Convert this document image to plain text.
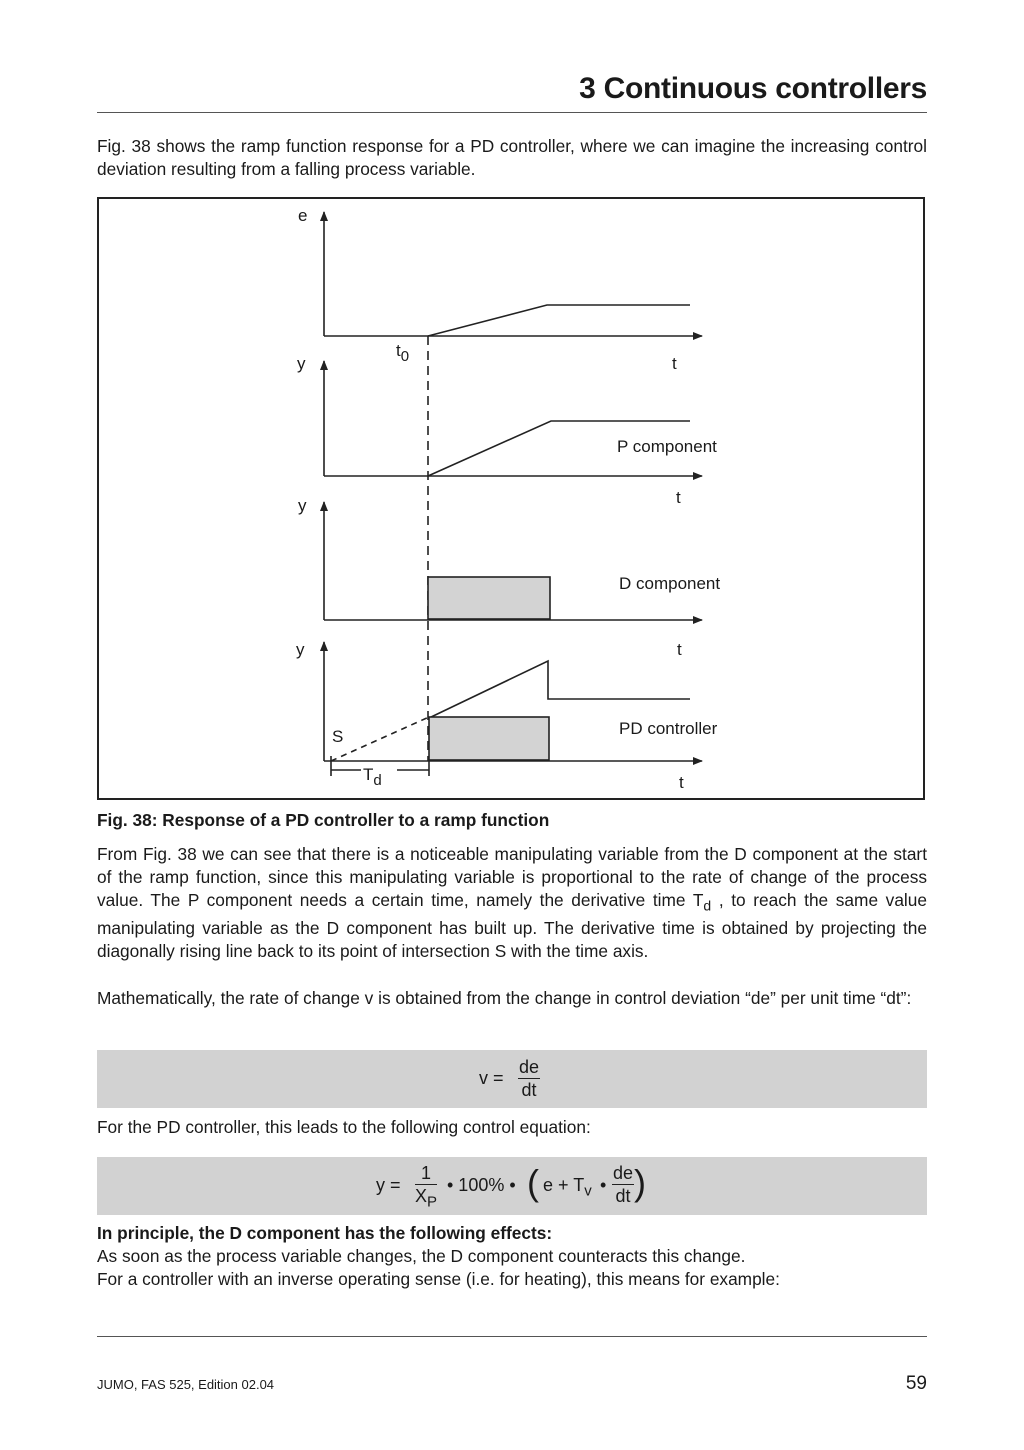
3 Continuous controllers

Fig. 38 shows the ramp function response for a PD controller, where we can imagine the increasing control deviation resulting from a falling process variable.

e
y
y
y
t
t
t
t
$t_0$
P component
D component
PD controller
S
$T_d$
Fig. 38: Response of a PD controller to a ramp function

From Fig. 38 we can see that there is a noticeable manipulating variable from the D component at the start of the ramp function, since this manipulating variable is proportional to the rate of change of the process value. The P component needs a certain time, namely the derivative time $T_d$ , to reach the same value manipulating variable as the D component has built up. The derivative time is obtained by projecting the diagonally rising line back to its point of intersection S with the time axis.

Mathematically, the rate of change v is obtained from the change in control deviation “de” per unit time “dt”:

$v = \frac{de}{dt}$

For the PD controller, this leads to the following control equation:

$y = \frac{1}{X_P}$ • 100% • ( $e + T_v$ • $\frac{de}{dt}$ )
In principle, the D component has the following effects:
As soon as the process variable changes, the D component counteracts this change.
For a controller with an inverse operating sense (i.e. for heating), this means for example:
JUMO, FAS 525, Edition 02.04	59
